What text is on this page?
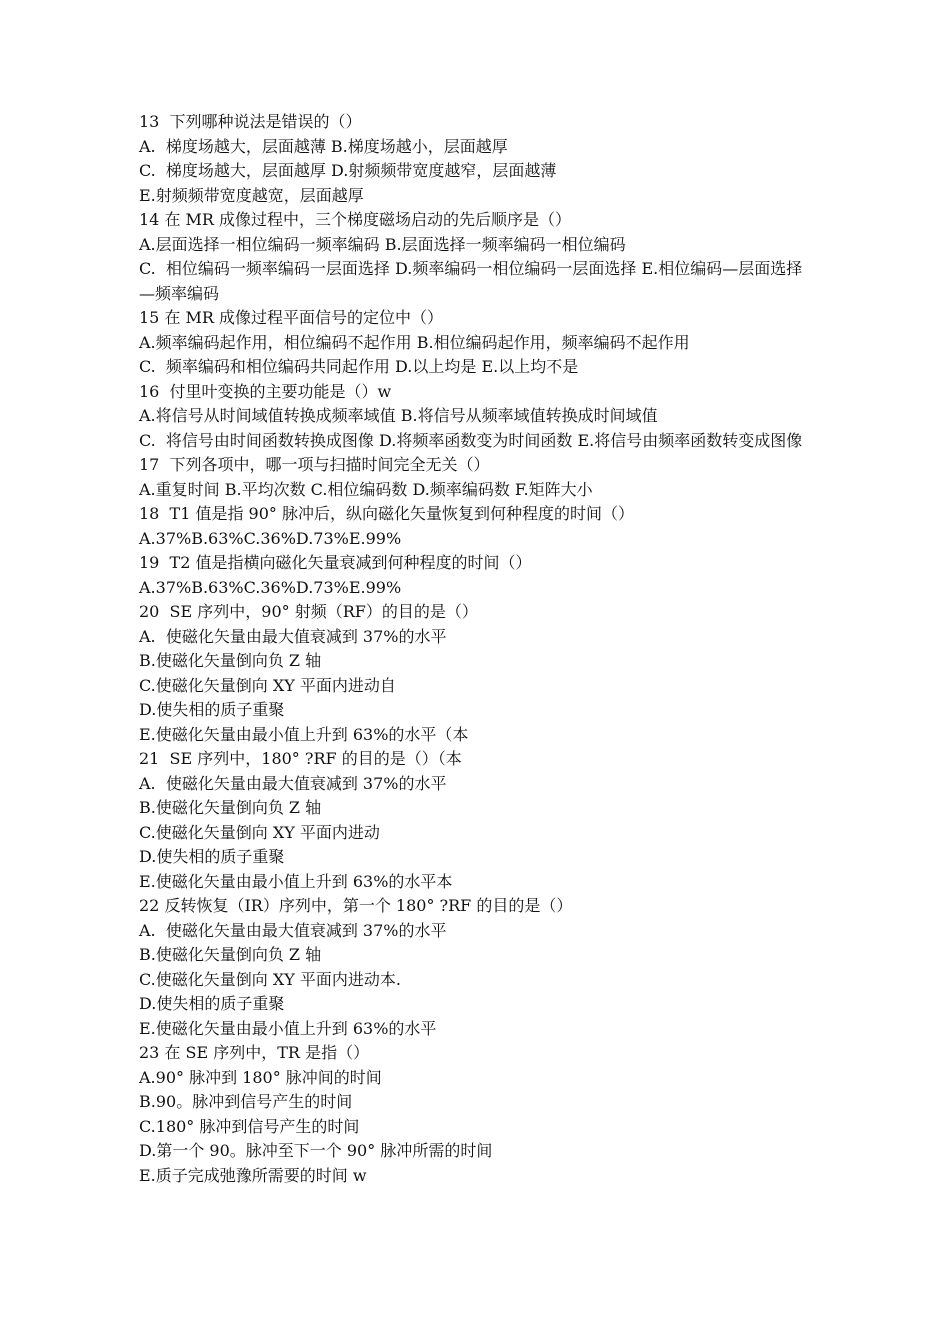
13  下列哪种说法是错误的（）
A.  梯度场越大，层面越薄 B.梯度场越小，层面越厚
C.  梯度场越大，层面越厚 D.射频频带宽度越窄，层面越薄
E.射频频带宽度越宽，层面越厚
14 在 MR 成像过程中，三个梯度磁场启动的先后顺序是（）
A.层面选择一相位编码一频率编码 B.层面选择一频率编码一相位编码
C.  相位编码一频率编码一层面选择 D.频率编码一相位编码一层面选择 E.相位编码—层面选择—频率编码
15 在 MR 成像过程平面信号的定位中（）
A.频率编码起作用，相位编码不起作用 B.相位编码起作用，频率编码不起作用
C.  频率编码和相位编码共同起作用 D.以上均是 E.以上均不是
16  付里叶变换的主要功能是（）w
A.将信号从时间域值转换成频率域值 B.将信号从频率域值转换成时间域值
C.  将信号由时间函数转换成图像 D.将频率函数变为时间函数 E.将信号由频率函数转变成图像
17  下列各项中，哪一项与扫描时间完全无关（）
A.重复时间 B.平均次数 C.相位编码数 D.频率编码数 F.矩阵大小
18  T1 值是指 90° 脉冲后，纵向磁化矢量恢复到何种程度的时间（）
A.37%B.63%C.36%D.73%E.99%
19  T2 值是指横向磁化矢量衰减到何种程度的时间（）
A.37%B.63%C.36%D.73%E.99%
20  SE 序列中，90° 射频（RF）的目的是（）
A.  使磁化矢量由最大值衰减到 37%的水平
B.使磁化矢量倒向负 Z 轴
C.使磁化矢量倒向 XY 平面内进动自
D.使失相的质子重聚
E.使磁化矢量由最小值上升到 63%的水平（本
21  SE 序列中，180° ?RF 的目的是（）（本
A.  使磁化矢量由最大值衰减到 37%的水平
B.使磁化矢量倒向负 Z 轴
C.使磁化矢量倒向 XY 平面内进动
D.使失相的质子重聚
E.使磁化矢量由最小值上升到 63%的水平本
22 反转恢复（IR）序列中，第一个 180° ?RF 的目的是（）
A.  使磁化矢量由最大值衰减到 37%的水平
B.使磁化矢量倒向负 Z 轴
C.使磁化矢量倒向 XY 平面内进动本.
D.使失相的质子重聚
E.使磁化矢量由最小值上升到 63%的水平
23 在 SE 序列中，TR 是指（）
A.90° 脉冲到 180° 脉冲间的时间
B.90。脉冲到信号产生的时间
C.180° 脉冲到信号产生的时间
D.第一个 90。脉冲至下一个 90° 脉冲所需的时间
E.质子完成弛豫所需要的时间 w
